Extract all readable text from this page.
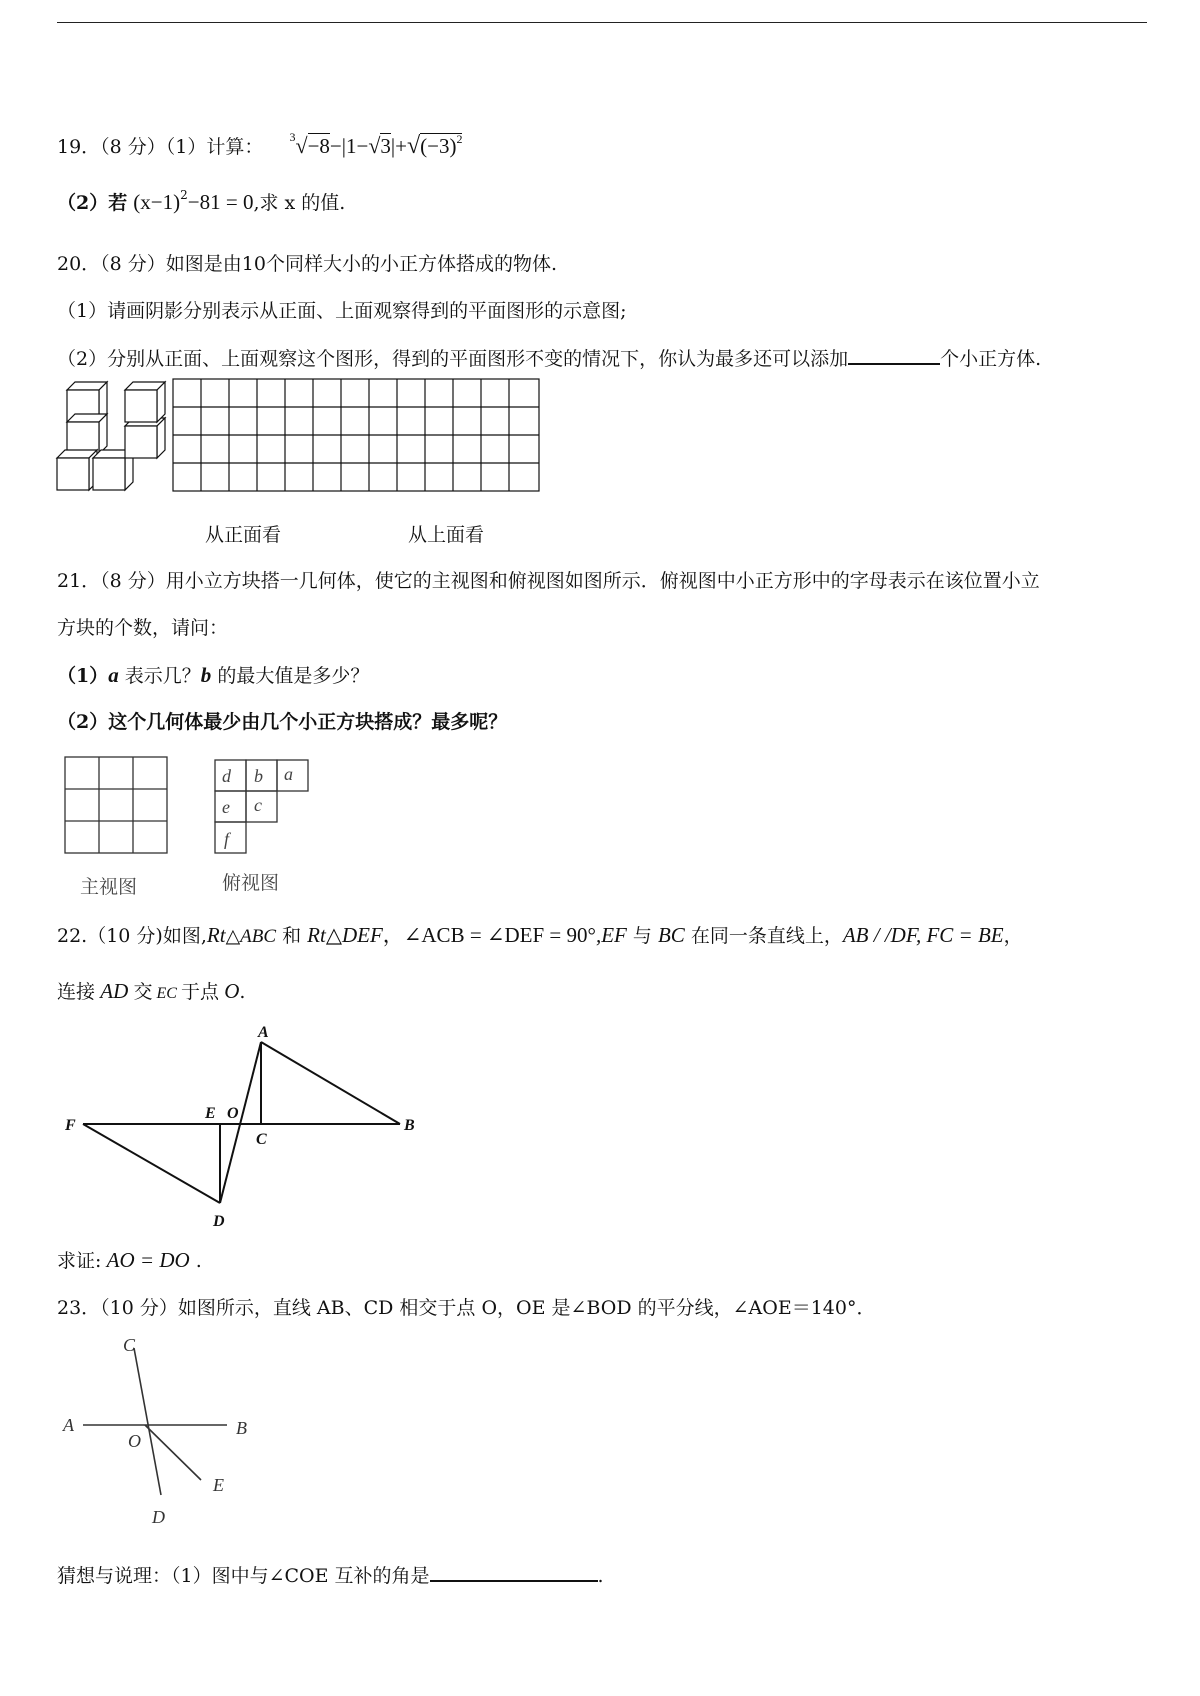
19．（8 分）（1）计算： $^3√-8-|1-√3|+√(-3)^2$
（2）若 $(x-1)^2-81 = 0$,求 x 的值.
20．（8 分）如图是由10个同样大小的小正方体搭成的物体.
（1）请画阴影分别表示从正面、上面观察得到的平面图形的示意图;
（2）分别从正面、上面观察这个图形，得到的平面图形不变的情况下，你认为最多还可以添加	个小正方体.
从正面看	从上面看
21．（8 分）用小立方块搭一几何体，使它的主视图和俯视图如图所示．俯视图中小正方形中的字母表示在该位置小立
方块的个数，请问：
（1）a 表示几？b 的最大值是多少？
（2）这个几何体最少由几个小正方块搭成？最多呢？
d b a
e c
f
主视图	俯视图
22.（10 分)如图,Rt△ABC 和 Rt△DEF，∠ACB = ∠DEF = 90°,EF 与 BC 在同一条直线上，AB / /DF, FC = BE，
连接 AD 交 EC 于点 O.
A
F
E O
C
B
D
求证: AO = DO .
23．（10 分）如图所示，直线 AB、CD 相交于点 O，OE 是∠BOD 的平分线，∠AOE＝140°．
C
A
O
B
E
D
猜想与说理：（1）图中与∠COE 互补的角是	.
